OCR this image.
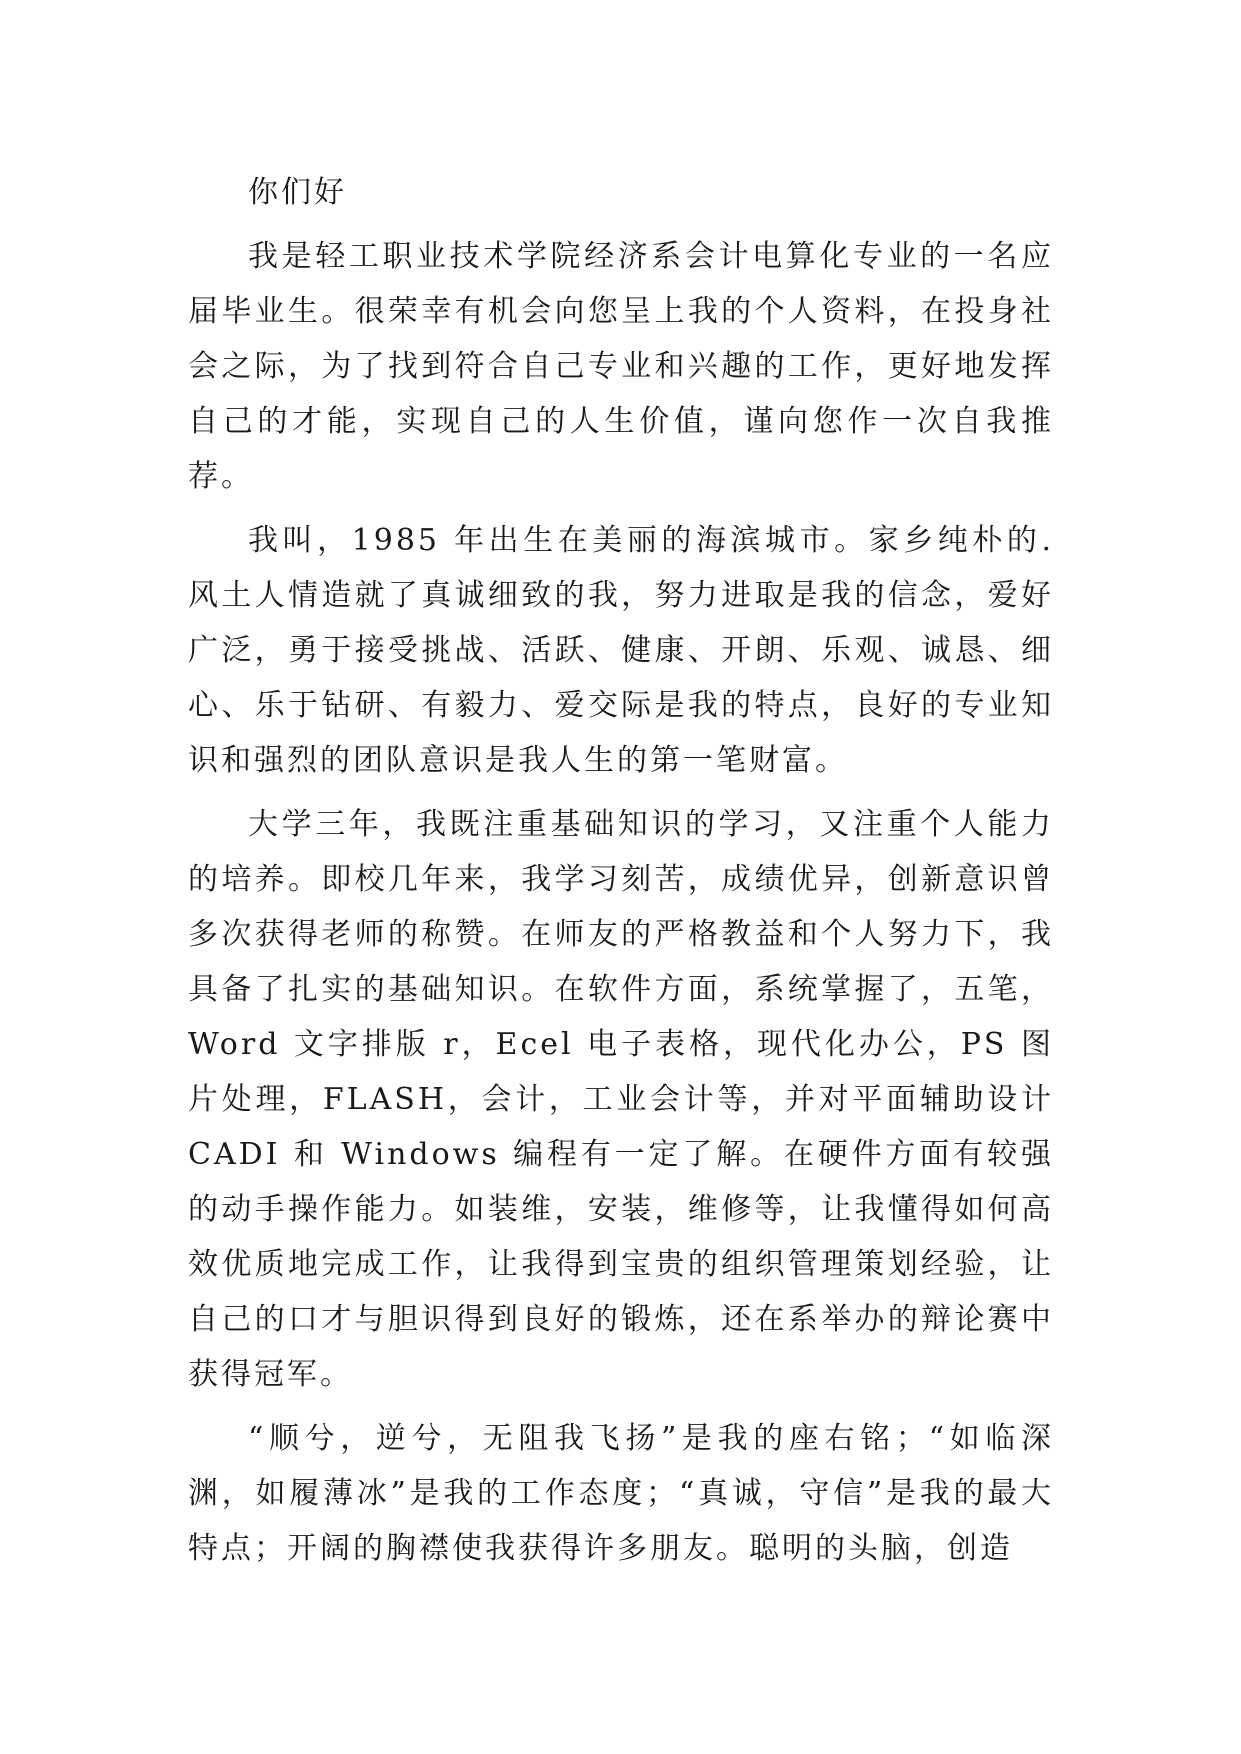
你们好

我是轻工职业技术学院经济系会计电算化专业的一名应届毕业生。很荣幸有机会向您呈上我的个人资料，在投身社会之际，为了找到符合自己专业和兴趣的工作，更好地发挥自己的才能，实现自己的人生价值，谨向您作一次自我推荐。

我叫，1985 年出生在美丽的海滨城市。家乡纯朴的.风土人情造就了真诚细致的我，努力进取是我的信念，爱好广泛，勇于接受挑战、活跃、健康、开朗、乐观、诚恳、细心、乐于钻研、有毅力、爱交际是我的特点，良好的专业知识和强烈的团队意识是我人生的第一笔财富。

大学三年，我既注重基础知识的学习，又注重个人能力的培养。即校几年来，我学习刻苦，成绩优异，创新意识曾多次获得老师的称赞。在师友的严格教益和个人努力下，我具备了扎实的基础知识。在软件方面，系统掌握了，五笔，Word 文字排版 r，Ecel 电子表格，现代化办公，PS 图片处理，FLASH，会计，工业会计等，并对平面辅助设计 CADI 和 Windows 编程有一定了解。在硬件方面有较强的动手操作能力。如装维，安装，维修等，让我懂得如何高效优质地完成工作，让我得到宝贵的组织管理策划经验，让自己的口才与胆识得到良好的锻炼，还在系举办的辩论赛中获得冠军。

“顺兮，逆兮，无阻我飞扬”是我的座右铭；“如临深渊，如履薄冰”是我的工作态度；“真诚，守信”是我的最大特点；开阔的胸襟使我获得许多朋友。聪明的头脑，创造
